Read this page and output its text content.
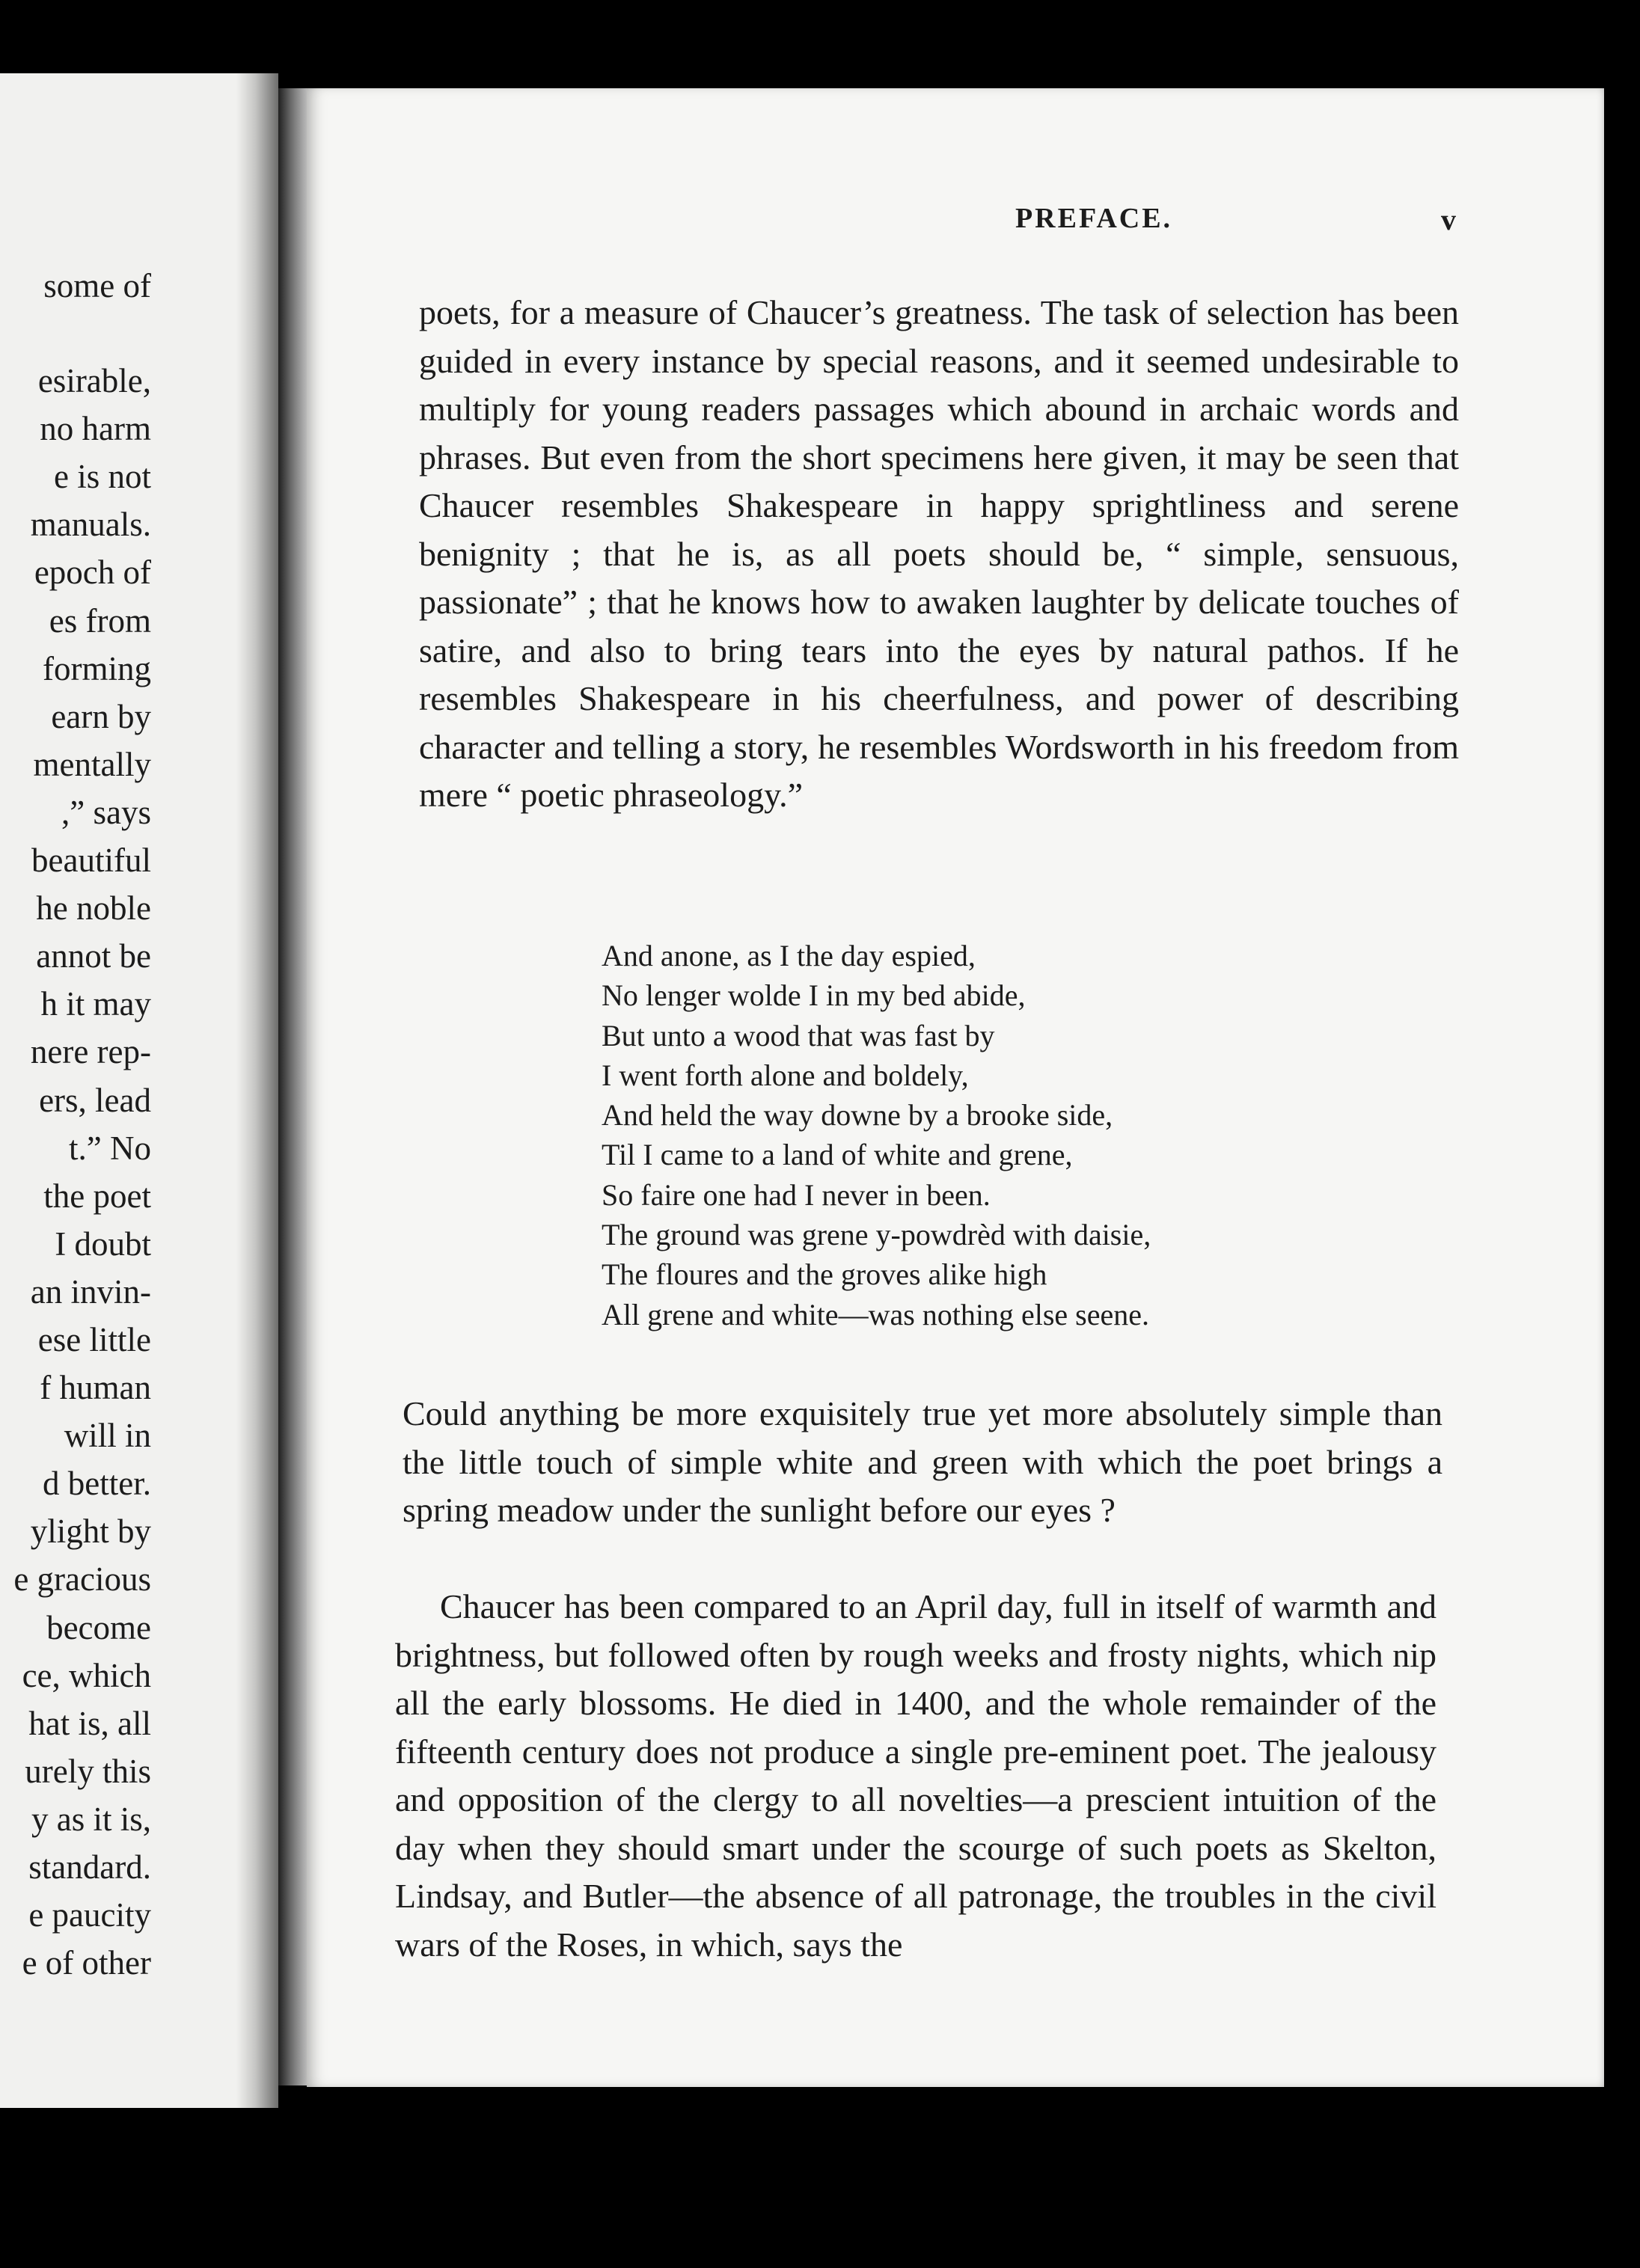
some of
esirable,
no harm
e is not
manuals.
epoch of
es from
forming
earn by
mentally
,” says
beautiful
he noble
annot be
h it may
nere rep-
ers, lead
t.” No
the poet
I doubt
an invin-
ese little
f human
will in
d better.
ylight by
e gracious
become
ce, which
hat is, all
urely this
y as it is,
standard.
e paucity
e of other
PREFACE.	v

poets, for a measure of Chaucer’s greatness. The task of selection has been guided in every instance by special reasons, and it seemed undesirable to multiply for young readers passages which abound in archaic words and phrases. But even from the short specimens here given, it may be seen that Chaucer resembles Shakespeare in happy sprightliness and serene benignity ; that he is, as all poets should be, “ simple, sensuous, passionate” ; that he knows how to awaken laughter by delicate touches of satire, and also to bring tears into the eyes by natural pathos. If he resembles Shakespeare in his cheerfulness, and power of describing character and telling a story, he resembles Wordsworth in his freedom from mere “ poetic phraseology.”

And anone, as I the day espied,
No lenger wolde I in my bed abide,
But unto a wood that was fast by
I went forth alone and boldely,
And held the way downe by a brooke side,
Til I came to a land of white and grene,
So faire one had I never in been.
The ground was grene y-powdrèd with daisie,
The floures and the groves alike high
All grene and white—was nothing else seene.

Could anything be more exquisitely true yet more absolutely simple than the little touch of simple white and green with which the poet brings a spring meadow under the sunlight before our eyes ?

Chaucer has been compared to an April day, full in itself of warmth and brightness, but followed often by rough weeks and frosty nights, which nip all the early blossoms. He died in 1400, and the whole remainder of the fifteenth century does not produce a single pre-eminent poet. The jealousy and opposition of the clergy to all novelties—a prescient intuition of the day when they should smart under the scourge of such poets as Skelton, Lindsay, and Butler—the absence of all patronage, the troubles in the civil wars of the Roses, in which, says the
